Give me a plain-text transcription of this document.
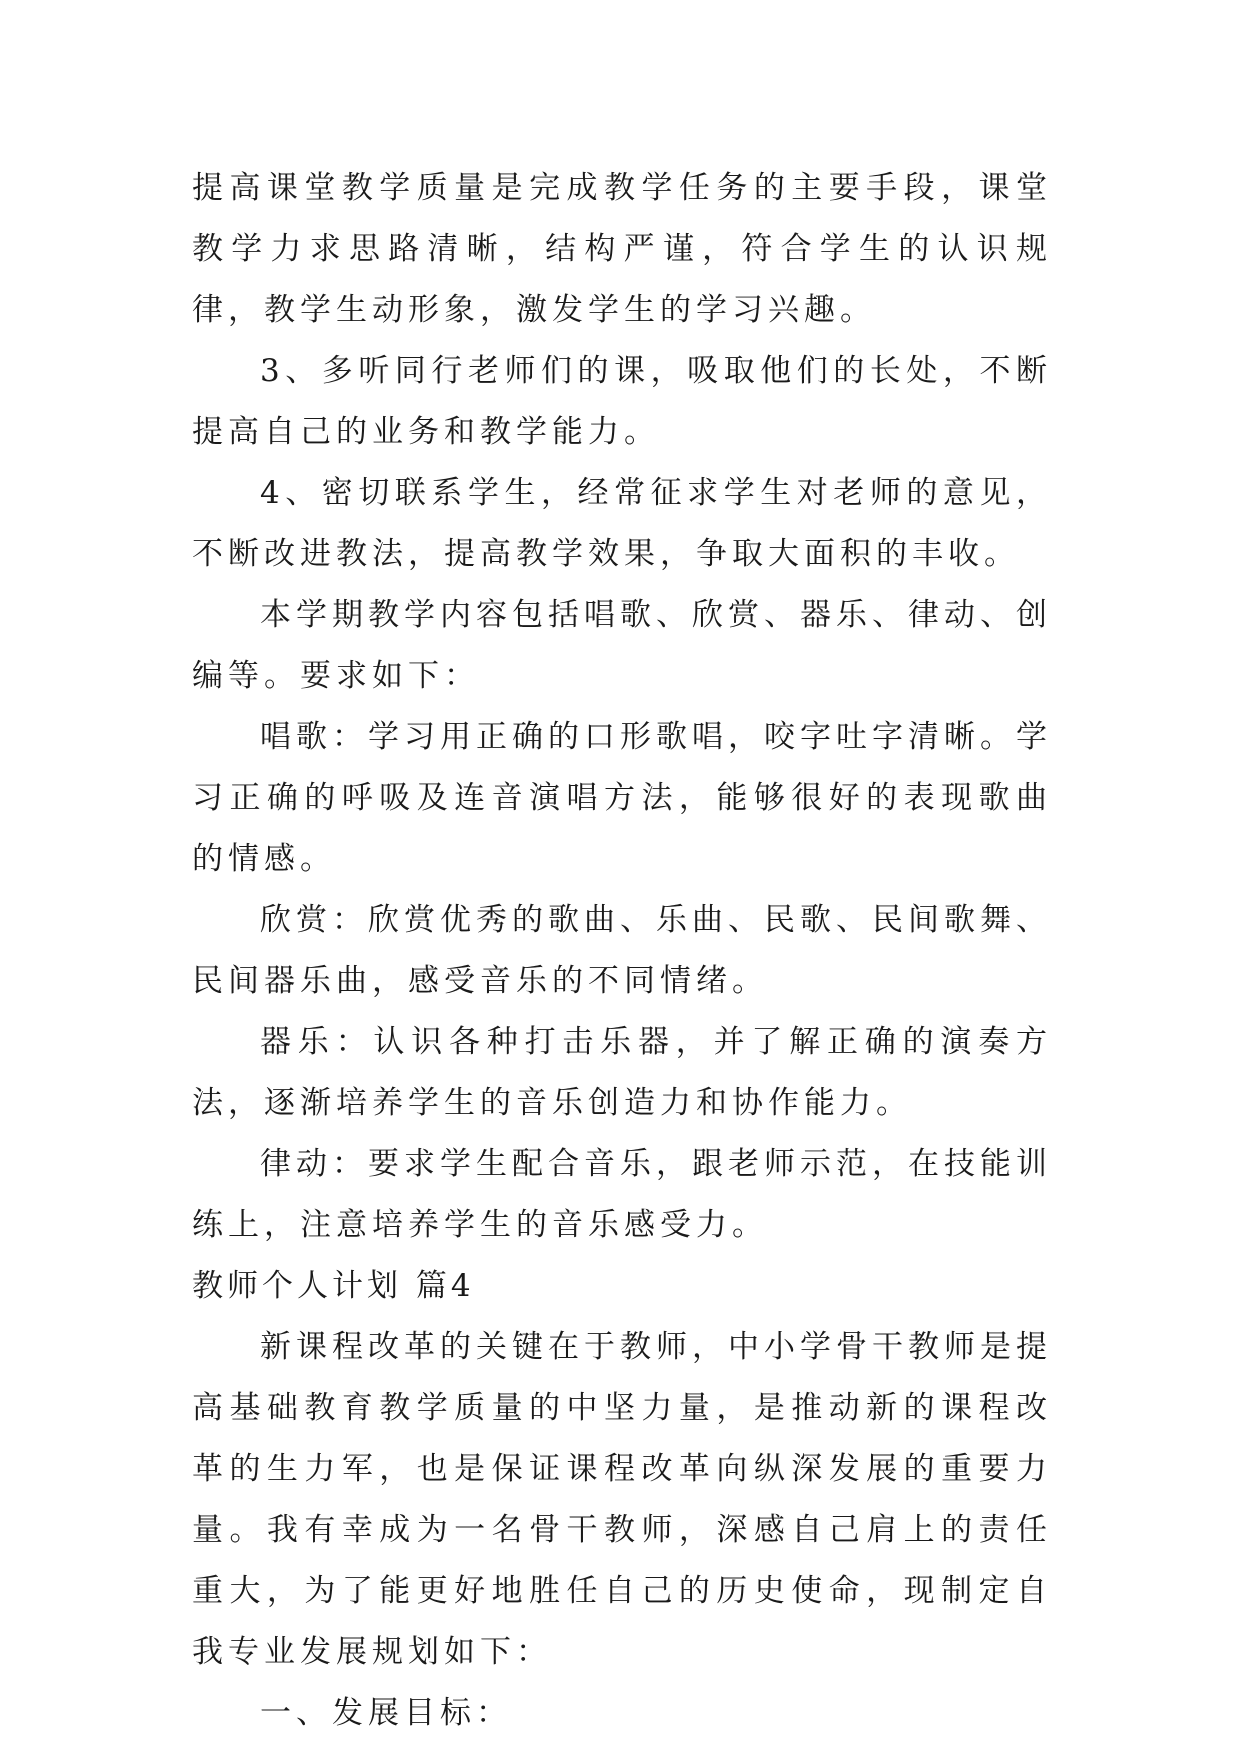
提高课堂教学质量是完成教学任务的主要手段，课堂教学力求思路清晰，结构严谨，符合学生的认识规律，教学生动形象，激发学生的学习兴趣。

3、多听同行老师们的课，吸取他们的长处，不断提高自己的业务和教学能力。

4、密切联系学生，经常征求学生对老师的意见，不断改进教法，提高教学效果，争取大面积的丰收。

本学期教学内容包括唱歌、欣赏、器乐、律动、创编等。要求如下：

唱歌：学习用正确的口形歌唱，咬字吐字清晰。学习正确的呼吸及连音演唱方法，能够很好的表现歌曲的情感。

欣赏：欣赏优秀的歌曲、乐曲、民歌、民间歌舞、民间器乐曲，感受音乐的不同情绪。

器乐：认识各种打击乐器，并了解正确的演奏方法，逐渐培养学生的音乐创造力和协作能力。

律动：要求学生配合音乐，跟老师示范，在技能训练上，注意培养学生的音乐感受力。

教师个人计划 篇4

新课程改革的关键在于教师，中小学骨干教师是提高基础教育教学质量的中坚力量，是推动新的课程改革的生力军，也是保证课程改革向纵深发展的重要力量。我有幸成为一名骨干教师，深感自己肩上的责任重大，为了能更好地胜任自己的历史使命，现制定自我专业发展规划如下：

一、发展目标：
